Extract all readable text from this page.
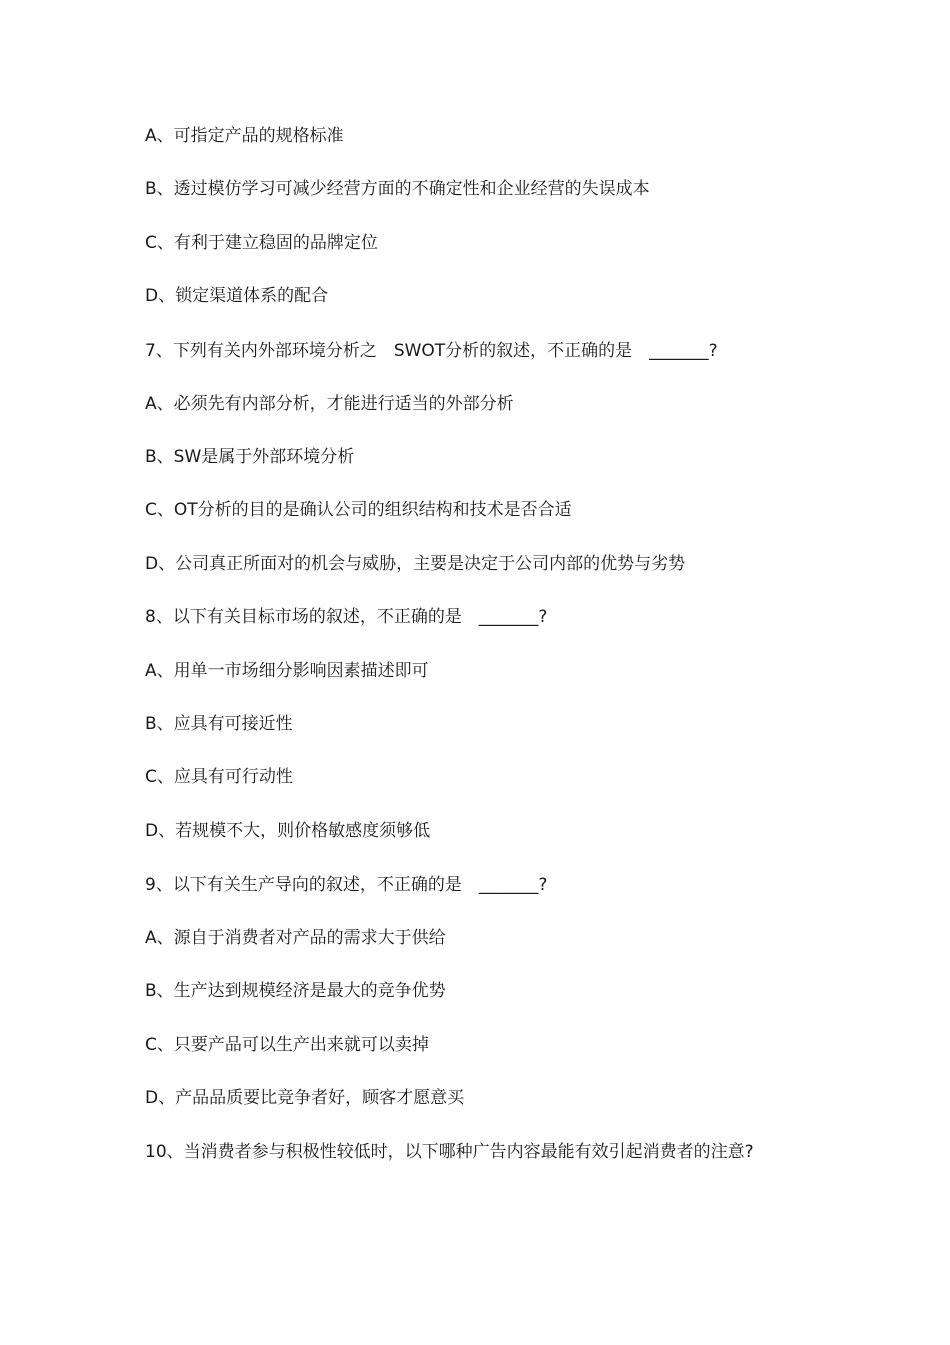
A、可指定产品的规格标准
B、透过模仿学习可减少经营方面的不确定性和企业经营的失误成本
C、有利于建立稳固的品牌定位
D、锁定渠道体系的配合
7、下列有关内外部环境分析之　SWOT分析的叙述，不正确的是　_______?
A、必须先有内部分析，才能进行适当的外部分析
B、SW是属于外部环境分析
C、OT分析的目的是确认公司的组织结构和技术是否合适
D、公司真正所面对的机会与威胁，主要是决定于公司内部的优势与劣势
8、以下有关目标市场的叙述，不正确的是　_______?
A、用单一市场细分影响因素描述即可
B、应具有可接近性
C、应具有可行动性
D、若规模不大，则价格敏感度须够低
9、以下有关生产导向的叙述，不正确的是　_______?
A、源自于消费者对产品的需求大于供给
B、生产达到规模经济是最大的竞争优势
C、只要产品可以生产出来就可以卖掉
D、产品品质要比竞争者好，顾客才愿意买
10、当消费者参与积极性较低时，以下哪种广告内容最能有效引起消费者的注意?
